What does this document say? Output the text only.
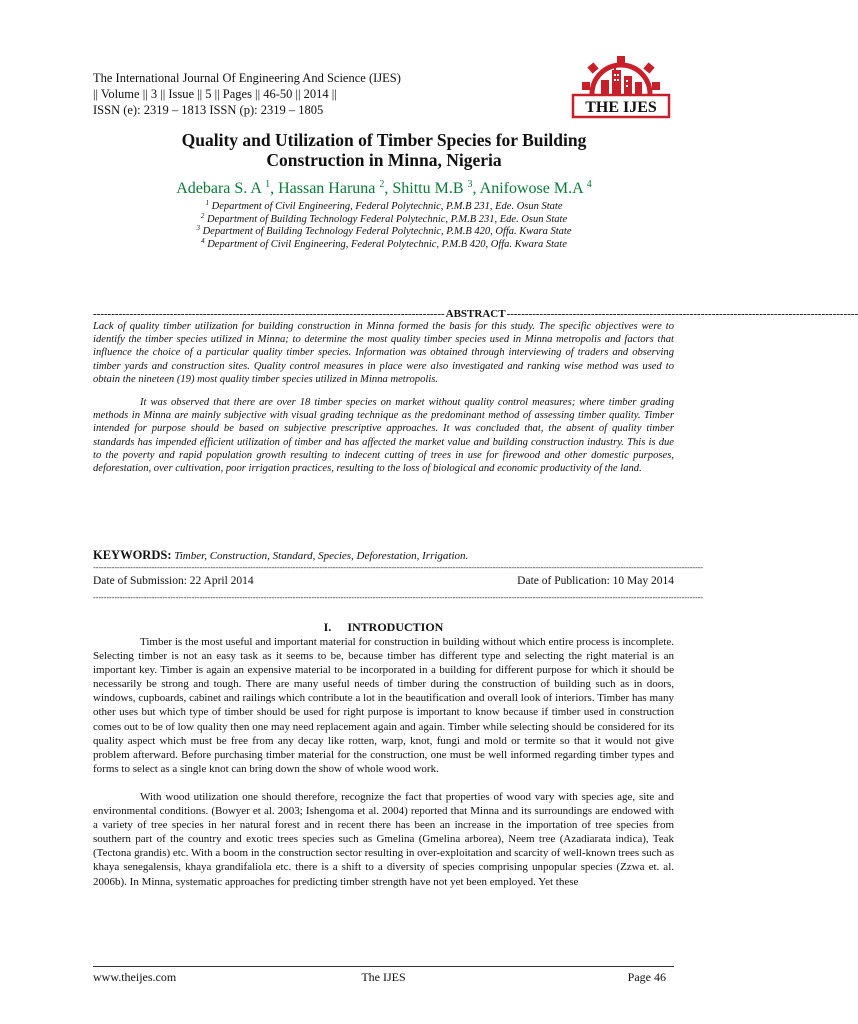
The International Journal Of Engineering And Science (IJES)
|| Volume || 3 || Issue || 5 || Pages || 46-50 || 2014 ||
ISSN (e): 2319 – 1813 ISSN (p): 2319 – 1805	THE IJES
Quality and Utilization of Timber Species for Building
Construction in Minna, Nigeria
Adebara S. A $^1$, Hassan Haruna $^2$, Shittu M.B $^3$, Anifowose M.A $^4$
$^1$ Department of Civil Engineering, Federal Polytechnic, P.M.B 231, Ede. Osun State
$^2$ Department of Building Technology Federal Polytechnic, P.M.B 231, Ede. Osun State
$^3$ Department of Building Technology Federal Polytechnic, P.M.B 420, Offa. Kwara State
$^4$ Department of Civil Engineering, Federal Polytechnic, P.M.B 420, Offa. Kwara State
------------------------------------------------------------------------------------------------ ABSTRACT ------------------------------------------------------------------------------------------------

Lack of quality timber utilization for building construction in Minna formed the basis for this study. The specific objectives were to identify the timber species utilized in Minna; to determine the most quality timber species used in Minna metropolis and factors that influence the choice of a particular quality timber species. Information was obtained through interviewing of traders and observing timber yards and construction sites. Quality control measures in place were also investigated and ranking wise method was used to obtain the nineteen (19) most quality timber species utilized in Minna metropolis.

It was observed that there are over 18 timber species on market without quality control measures; where timber grading methods in Minna are mainly subjective with visual grading technique as the predominant method of assessing timber quality. Timber intended for purpose should be based on subjective prescriptive approaches. It was concluded that, the absent of quality timber standards has impended efficient utilization of timber and has affected the market value and building construction industry. This is due to the poverty and rapid population growth resulting to indecent cutting of trees in use for firewood and other domestic purposes, deforestation, over cultivation, poor irrigation practices, resulting to the loss of biological and economic productivity of the land.

KEYWORDS: Timber, Construction, Standard, Species, Deforestation, Irrigation.
-------------------------------------------------------------------------------------------------------------------------------------------------------------------------------------------------------------------------------------
Date of Submission: 22 April 2014	Date of Publication: 10 May 2014
-------------------------------------------------------------------------------------------------------------------------------------------------------------------------------------------------------------------------------------
I. INTRODUCTION

Timber is the most useful and important material for construction in building without which entire process is incomplete. Selecting timber is not an easy task as it seems to be, because timber has different type and selecting the right material is an important key. Timber is again an expensive material to be incorporated in a building for different purpose for which it should be necessarily be strong and tough. There are many useful needs of timber during the construction of building such as in doors, windows, cupboards, cabinet and railings which contribute a lot in the beautification and overall look of interiors. Timber has many other uses but which type of timber should be used for right purpose is important to know because if timber used in construction comes out to be of low quality then one may need replacement again and again. Timber while selecting should be considered for its quality aspect which must be free from any decay like rotten, warp, knot, fungi and mold or termite so that it would not give problem afterward. Before purchasing timber material for the construction, one must be well informed regarding timber types and forms to select as a single knot can bring down the show of whole wood work.

With wood utilization one should therefore, recognize the fact that properties of wood vary with species age, site and environmental conditions. (Bowyer et al. 2003; Ishengoma et al. 2004) reported that Minna and its surroundings are endowed with a variety of tree species in her natural forest and in recent there has been an increase in the importation of tree species from southern part of the country and exotic trees species such as Gmelina (Gmelina arborea), Neem tree (Azadiarata indica), Teak (Tectona grandis) etc. With a boom in the construction sector resulting in over-exploitation and scarcity of well-known trees such as khaya senegalensis, khaya grandifaliola etc. there is a shift to a diversity of species comprising unpopular species (Zzwa et. al. 2006b). In Minna, systematic approaches for predicting timber strength have not yet been employed. Yet these

www.theijes.com	The IJES	Page 46
